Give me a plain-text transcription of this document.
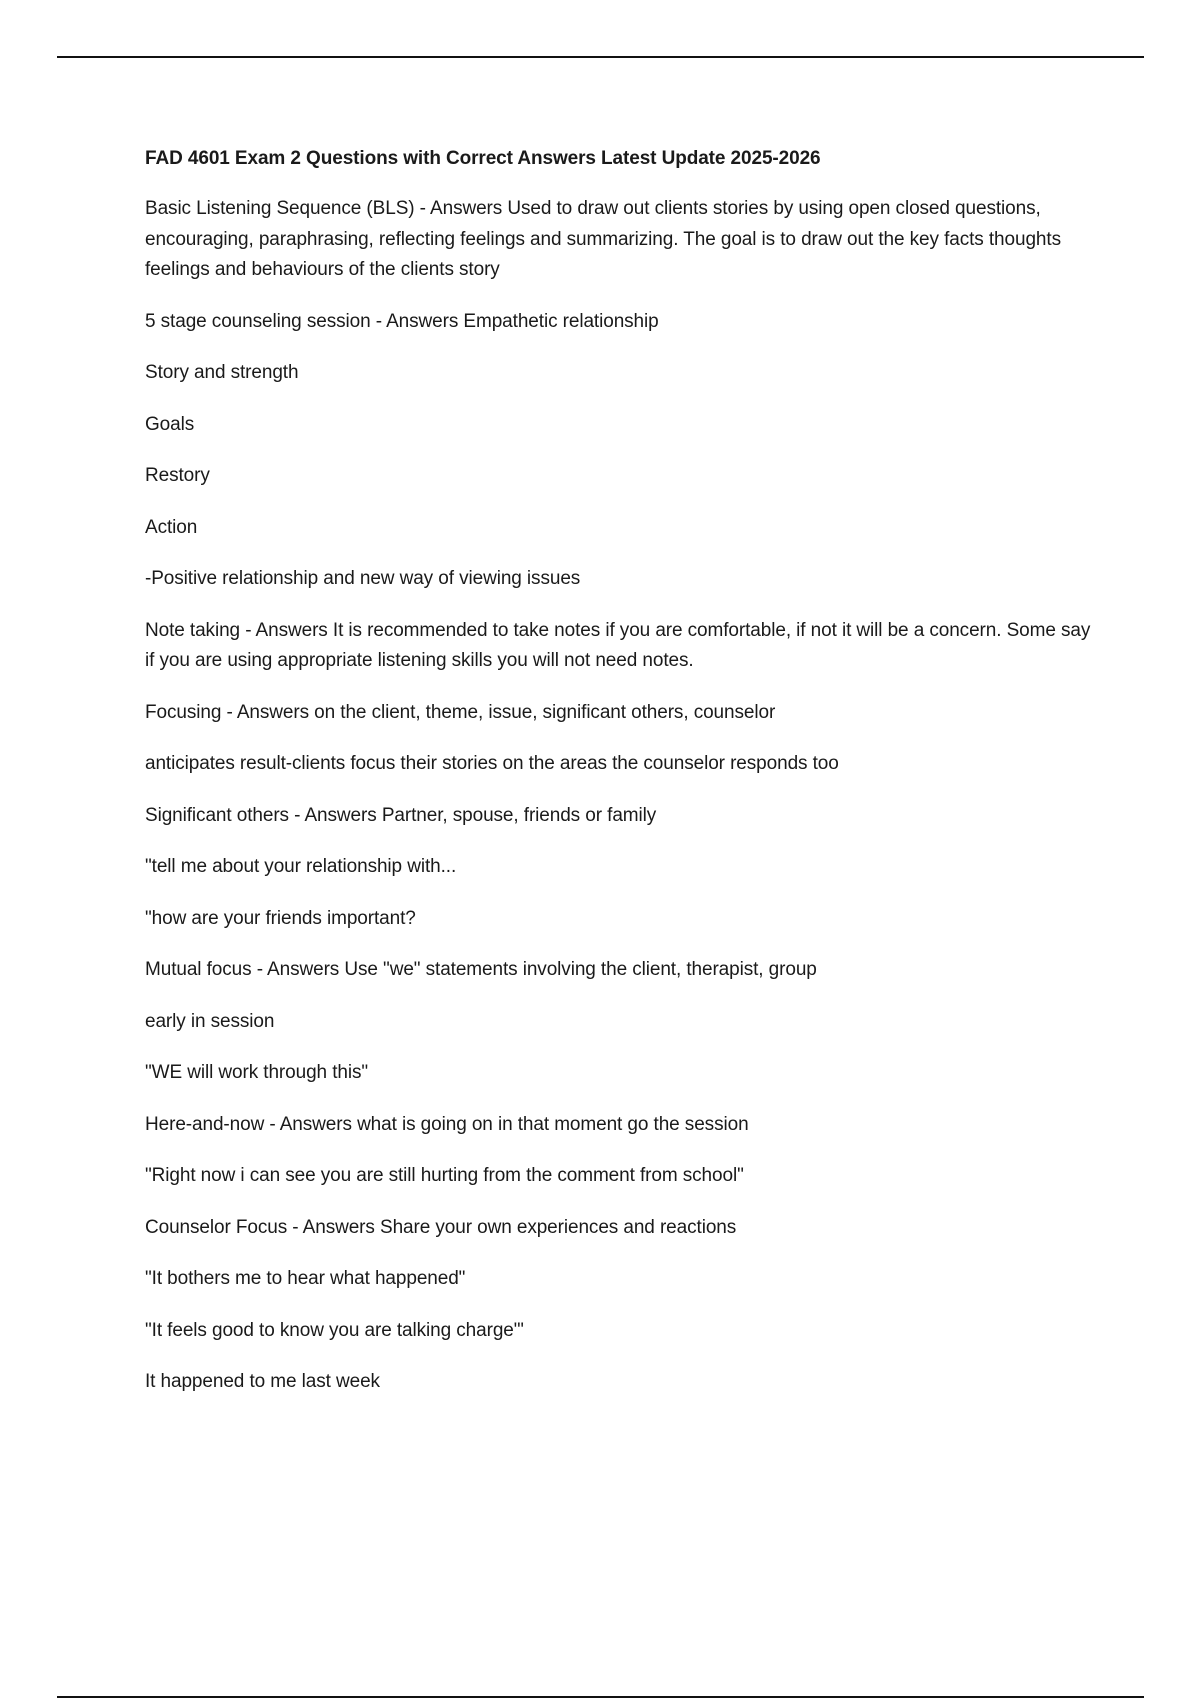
FAD 4601 Exam 2 Questions with Correct Answers Latest Update 2025-2026

Basic Listening Sequence (BLS) - Answers Used to draw out clients stories by using open closed questions, encouraging, paraphrasing, reflecting feelings and summarizing. The goal is to draw out the key facts thoughts feelings and behaviours of the clients story

5 stage counseling session - Answers Empathetic relationship

Story and strength

Goals

Restory

Action

-Positive relationship and new way of viewing issues

Note taking - Answers It is recommended to take notes if you are comfortable, if not it will be a concern. Some say if you are using appropriate listening skills you will not need notes.

Focusing - Answers on the client, theme, issue, significant others, counselor

anticipates result-clients focus their stories on the areas the counselor responds too

Significant others - Answers Partner, spouse, friends or family

"tell me about your relationship with...

"how are your friends important?

Mutual focus - Answers Use "we" statements involving the client, therapist, group

early in session

"WE will work through this"

Here-and-now - Answers what is going on in that moment go the session

"Right now i can see you are still hurting from the comment from school"

Counselor Focus - Answers Share your own experiences and reactions

"It bothers me to hear what happened"

"It feels good to know you are talking charge"'

It happened to me last week
